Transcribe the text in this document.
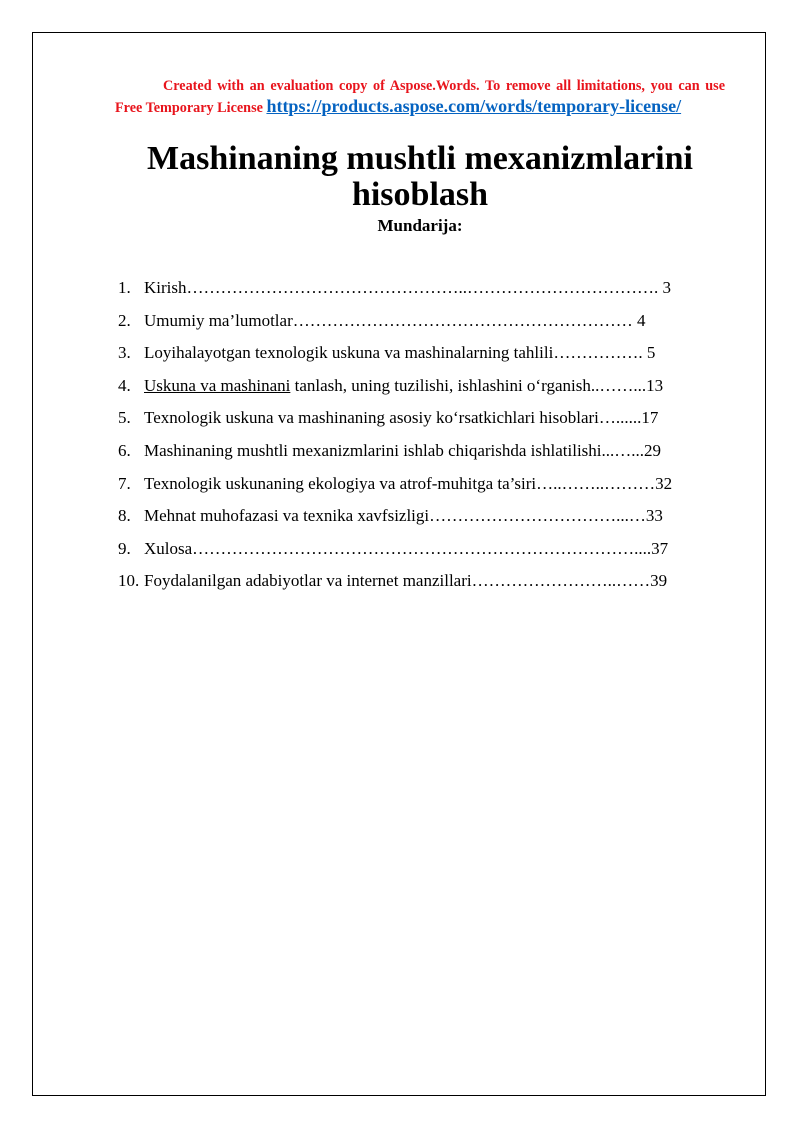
Created with an evaluation copy of Aspose.Words. To remove all limitations, you can use Free Temporary License https://products.aspose.com/words/temporary-license/
Mashinaning mushtli mexanizmlarini hisoblash
Mundarija:
1. Kirish…………………………………………..……………………………. 3
2. Umumiy ma’lumotlar…………………………………………………… 4
3. Loyihalayotgan texnologik uskuna va mashinalarning tahlili……………. 5
4. Uskuna va mashinani tanlash, uning tuzilishi, ishlashini oʻrganish..……...13
5. Texnologik uskuna va mashinaning asosiy koʻrsatkichlari hisoblari…......17
6. Mashinaning mushtli mexanizmlarini ishlab chiqarishda ishlatilishi...…...29
7. Texnologik uskunaning ekologiya va atrof-muhitga ta’siri…..……..………32
8. Mehnat muhofazasi va texnika xavfsizligi……………………………...…33
9. Xulosa……………………………………………………………………....37
10. Foydalanilgan adabiyotlar va internet manzillari……………………..……39
